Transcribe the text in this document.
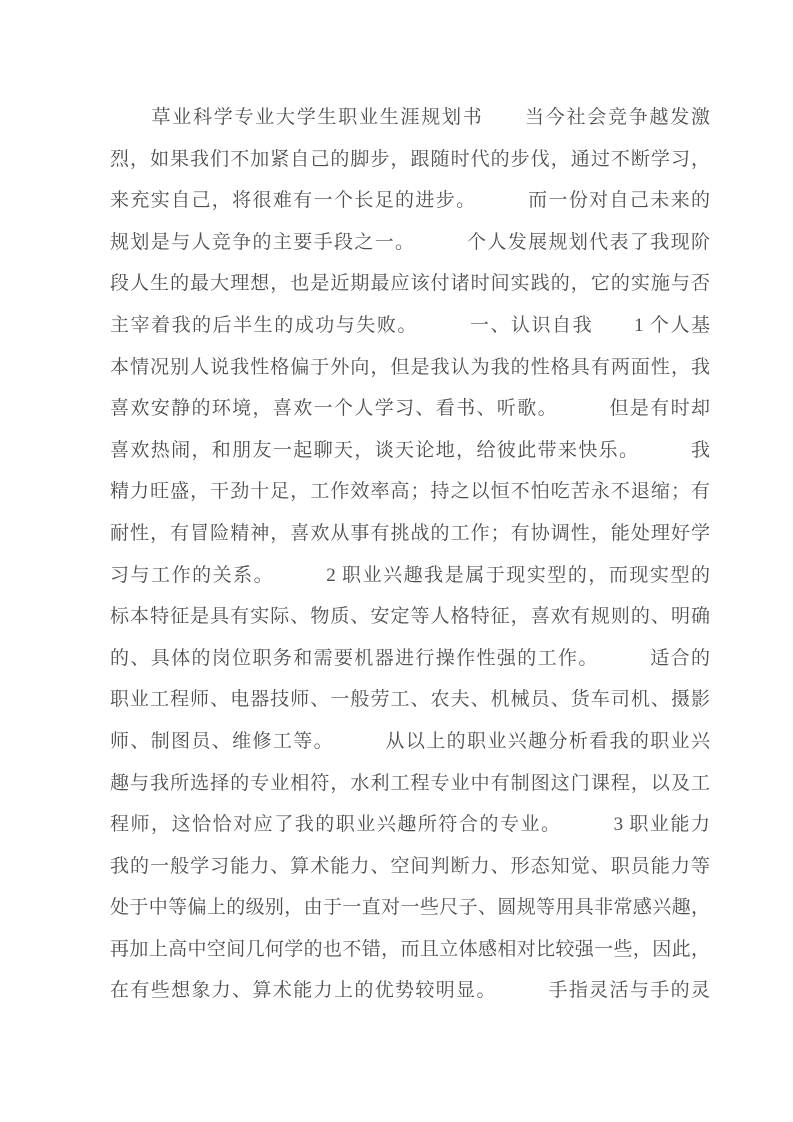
　　草业科学专业大学生职业生涯规划书　　当今社会竞争越发激
烈，如果我们不加紧自己的脚步，跟随时代的步伐，通过不断学习，
来充实自己，将很难有一个长足的进步。　　　而一份对自己未来的
规划是与人竞争的主要手段之一。　　　个人发展规划代表了我现阶
段人生的最大理想，也是近期最应该付诸时间实践的，它的实施与否
主宰着我的后半生的成功与失败。　　　一、认识自我　　1 个人基
本情况别人说我性格偏于外向，但是我认为我的性格具有两面性，我
喜欢安静的环境，喜欢一个人学习、看书、听歌。　　　但是有时却
喜欢热闹，和朋友一起聊天，谈天论地，给彼此带来快乐。　　　我
精力旺盛，干劲十足，工作效率高；持之以恒不怕吃苦永不退缩；有
耐性，有冒险精神，喜欢从事有挑战的工作；有协调性，能处理好学
习与工作的关系。　　　2 职业兴趣我是属于现实型的，而现实型的
标本特征是具有实际、物质、安定等人格特征，喜欢有规则的、明确
的、具体的岗位职务和需要机器进行操作性强的工作。　　　适合的
职业工程师、电器技师、一般劳工、农夫、机械员、货车司机、摄影
师、制图员、维修工等。　　　从以上的职业兴趣分析看我的职业兴
趣与我所选择的专业相符，水利工程专业中有制图这门课程，以及工
程师，这恰恰对应了我的职业兴趣所符合的专业。　　　3 职业能力
我的一般学习能力、算术能力、空间判断力、形态知觉、职员能力等
处于中等偏上的级别，由于一直对一些尺子、圆规等用具非常感兴趣，
再加上高中空间几何学的也不错，而且立体感相对比较强一些，因此，
在有些想象力、算术能力上的优势较明显。　　　手指灵活与手的灵
